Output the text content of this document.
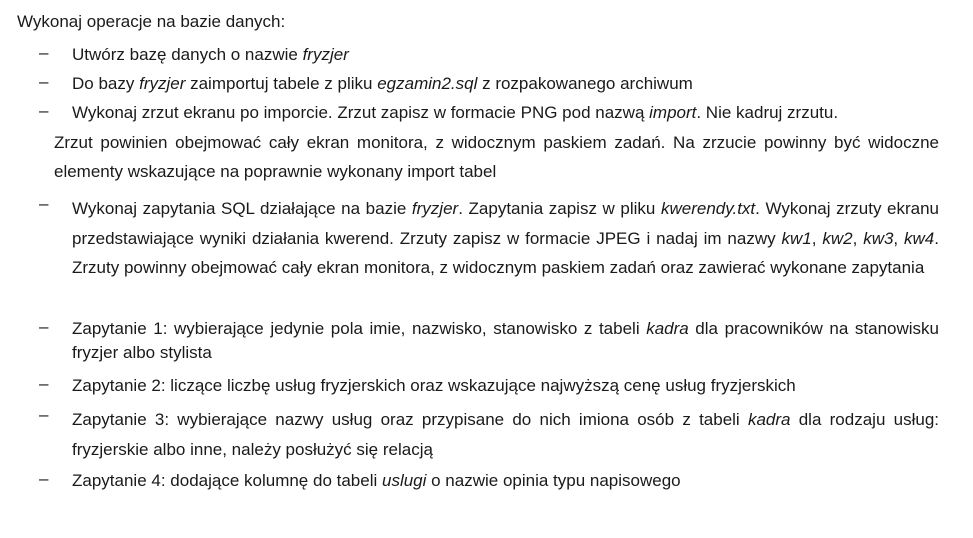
Wykonaj operacje na bazie danych:
– Utwórz bazę danych o nazwie fryzjer
– Do bazy fryzjer zaimportuj tabele z pliku egzamin2.sql z rozpakowanego archiwum
– Wykonaj zrzut ekranu po imporcie. Zrzut zapisz w formacie PNG pod nazwą import. Nie kadruj zrzutu.
Zrzut powinien obejmować cały ekran monitora, z widocznym paskiem zadań. Na zrzucie powinny być widoczne elementy wskazujące na poprawnie wykonany import tabel
– Wykonaj zapytania SQL działające na bazie fryzjer. Zapytania zapisz w pliku kwerendy.txt. Wykonaj zrzuty ekranu przedstawiające wyniki działania kwerend. Zrzuty zapisz w formacie JPEG i nadaj im nazwy kw1, kw2, kw3, kw4. Zrzuty powinny obejmować cały ekran monitora, z widocznym paskiem zadań oraz zawierać wykonane zapytania
– Zapytanie 1: wybierające jedynie pola imie, nazwisko, stanowisko z tabeli kadra dla pracowników na stanowisku fryzjer albo stylista
– Zapytanie 2: liczące liczbę usług fryzjerskich oraz wskazujące najwyższą cenę usług fryzjerskich
– Zapytanie 3: wybierające nazwy usług oraz przypisane do nich imiona osób z tabeli kadra dla rodzaju usług: fryzjerskie albo inne, należy posłużyć się relacją
– Zapytanie 4: dodające kolumnę do tabeli uslugi o nazwie opinia typu napisowego
